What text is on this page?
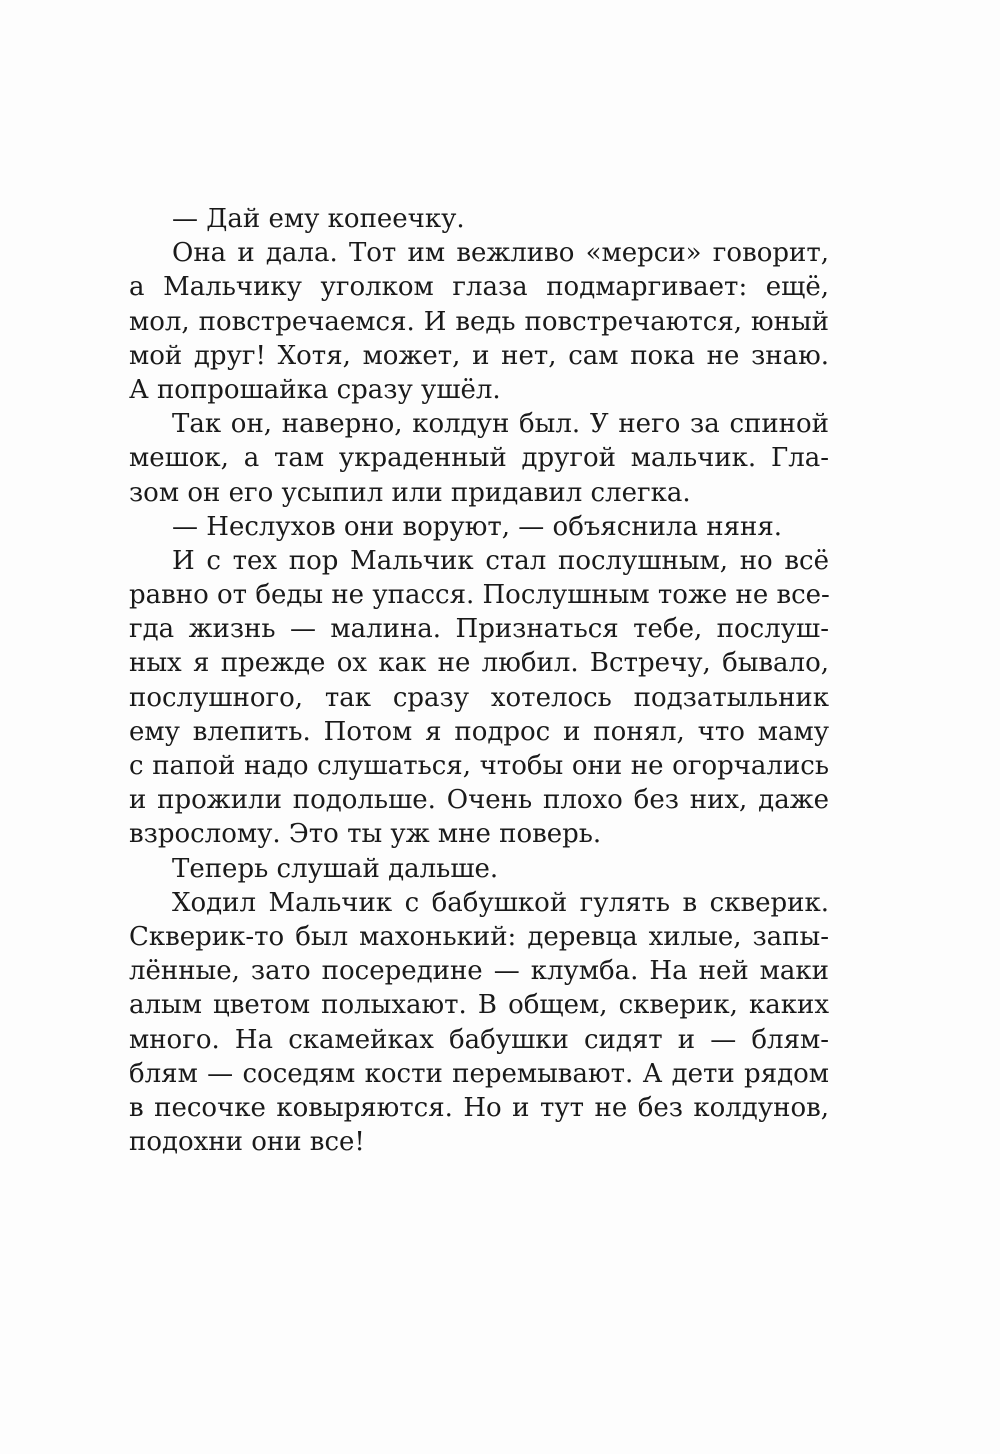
— Дай ему копеечку.
Она и дала. Тот им вежливо «мерси» говорит,
а Мальчику уголком глаза подмаргивает: ещё,
мол, повстречаемся. И ведь повстречаются, юный
мой друг! Хотя, может, и нет, сам пока не знаю.
А попрошайка сразу ушёл.
Так он, наверно, колдун был. У него за спиной
мешок, а там украденный другой мальчик. Гла-
зом он его усыпил или придавил слегка.
— Неслухов они воруют, — объяснила няня.
И с тех пор Мальчик стал послушным, но всё
равно от беды не упасся. Послушным тоже не все-
гда жизнь — малина. Признаться тебе, послуш-
ных я прежде ох как не любил. Встречу, бывало,
послушного, так сразу хотелось подзатыльник
ему влепить. Потом я подрос и понял, что маму
с папой надо слушаться, чтобы они не огорчались
и прожили подольше. Очень плохо без них, даже
взрослому. Это ты уж мне поверь.
Теперь слушай дальше.
Ходил Мальчик с бабушкой гулять в скверик.
Скверик-то был махонький: деревца хилые, запы-
лённые, зато посередине — клумба. На ней маки
алым цветом полыхают. В общем, скверик, каких
много. На скамейках бабушки сидят и — блям-
блям — соседям кости перемывают. А дети рядом
в песочке ковыряются. Но и тут не без колдунов,
подохни они все!
